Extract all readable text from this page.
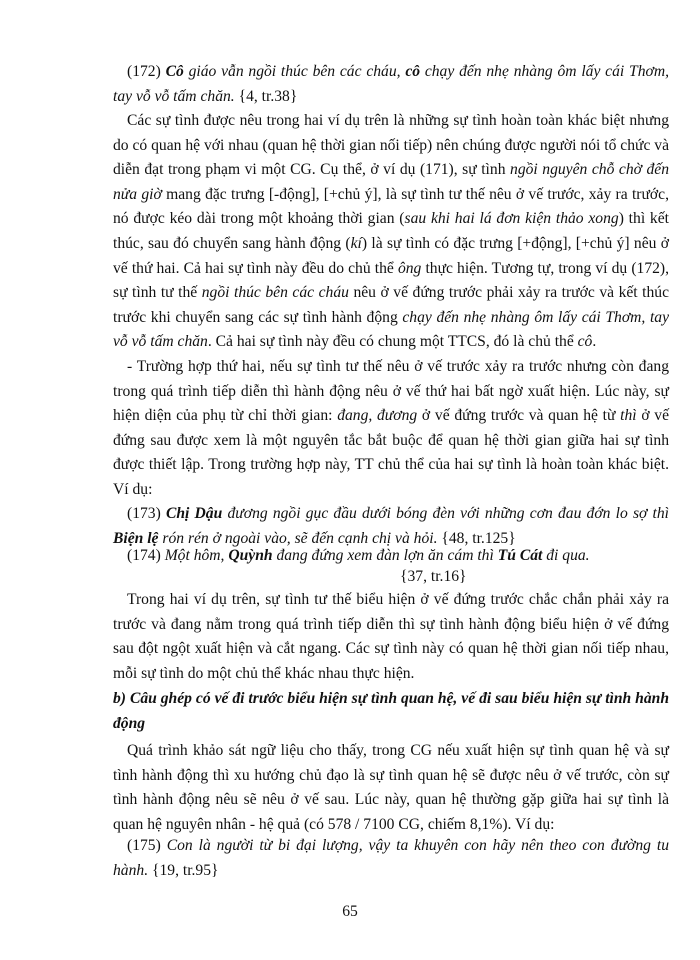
(172) Cô giáo vẫn ngồi thúc bên các cháu, cô chạy đến nhẹ nhàng ôm lấy cái Thơm, tay vỗ vỗ tấm chăn. {4, tr.38}

Các sự tình được nêu trong hai ví dụ trên là những sự tình hoàn toàn khác biệt nhưng do có quan hệ với nhau (quan hệ thời gian nối tiếp) nên chúng được người nói tổ chức và diễn đạt trong phạm vi một CG. Cụ thể, ở ví dụ (171), sự tình ngồi nguyên chỗ chờ đến nửa giờ mang đặc trưng [-động], [+chủ ý], là sự tình tư thế nêu ở vế trước, xảy ra trước, nó được kéo dài trong một khoảng thời gian (sau khi hai lá đơn kiện thảo xong) thì kết thúc, sau đó chuyển sang hành động (kí) là sự tình có đặc trưng [+động], [+chủ ý] nêu ở vế thứ hai. Cả hai sự tình này đều do chủ thể ông thực hiện. Tương tự, trong ví dụ (172), sự tình tư thế ngồi thúc bên các cháu nêu ở vế đứng trước phải xảy ra trước và kết thúc trước khi chuyển sang các sự tình hành động chạy đến nhẹ nhàng ôm lấy cái Thơm, tay vỗ vỗ tấm chăn. Cả hai sự tình này đều có chung một TTCS, đó là chủ thể cô.

- Trường hợp thứ hai, nếu sự tình tư thế nêu ở vế trước xảy ra trước nhưng còn đang trong quá trình tiếp diễn thì hành động nêu ở vế thứ hai bất ngờ xuất hiện. Lúc này, sự hiện diện của phụ từ chỉ thời gian: đang, đương ở vế đứng trước và quan hệ từ thì ở vế đứng sau được xem là một nguyên tắc bắt buộc để quan hệ thời gian giữa hai sự tình được thiết lập. Trong trường hợp này, TT chủ thể của hai sự tình là hoàn toàn khác biệt. Ví dụ:

(173) Chị Dậu đương ngồi gục đầu dưới bóng đèn với những cơn đau đớn lo sợ thì Biện lệ rón rén ở ngoài vào, sẽ đến cạnh chị và hỏi. {48, tr.125}

(174) Một hôm, Quỳnh đang đứng xem đàn lợn ăn cám thì Tú Cát đi qua.

{37, tr.16}

Trong hai ví dụ trên, sự tình tư thế biểu hiện ở vế đứng trước chắc chắn phải xảy ra trước và đang nằm trong quá trình tiếp diễn thì sự tình hành động biểu hiện ở vế đứng sau đột ngột xuất hiện và cắt ngang. Các sự tình này có quan hệ thời gian nối tiếp nhau, mỗi sự tình do một chủ thể khác nhau thực hiện.

b) Câu ghép có vế đi trước biểu hiện sự tình quan hệ, vế đi sau biểu hiện sự tình hành động

Quá trình khảo sát ngữ liệu cho thấy, trong CG nếu xuất hiện sự tình quan hệ và sự tình hành động thì xu hướng chủ đạo là sự tình quan hệ sẽ được nêu ở vế trước, còn sự tình hành động nêu sẽ nêu ở vế sau. Lúc này, quan hệ thường gặp giữa hai sự tình là quan hệ nguyên nhân - hệ quả (có 578 / 7100 CG, chiếm 8,1%). Ví dụ:

(175) Con là người từ bi đại lượng, vậy ta khuyên con hãy nên theo con đường tu hành. {19, tr.95}

65
